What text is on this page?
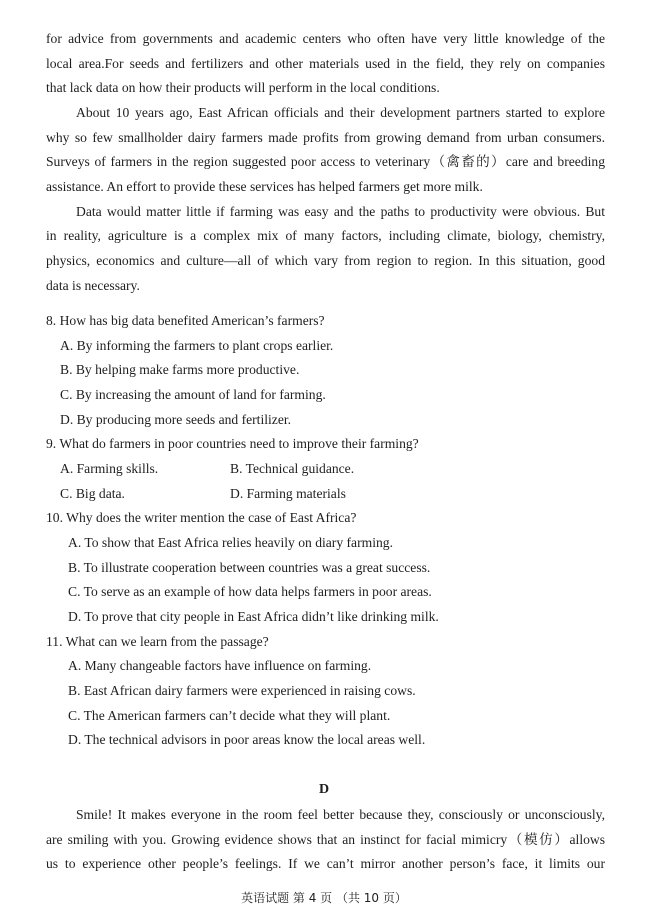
for advice from governments and academic centers who often have very little knowledge of the
local area.For seeds and fertilizers and other materials used in the field, they rely on companies
that lack data on how their products will perform in the local conditions.
About 10 years ago, East African officials and their development partners started to explore
why so few smallholder dairy farmers made profits from growing demand from urban consumers.
Surveys of farmers in the region suggested poor access to veterinary（禽畜的）care and breeding
assistance. An effort to provide these services has helped farmers get more milk.
Data would matter little if farming was easy and the paths to productivity were obvious. But
in reality, agriculture is a complex mix of many factors, including climate, biology, chemistry,
physics, economics and culture—all of which vary from region to region. In this situation, good
data is necessary.
8. How has big data benefited American’s farmers?
A. By informing the farmers to plant crops earlier.
B. By helping make farms more productive.
C. By increasing the amount of land for farming.
D. By producing more seeds and fertilizer.
9. What do farmers in poor countries need to improve their farming?
A. Farming skills.	B. Technical guidance.
C. Big data.	D. Farming materials
10. Why does the writer mention the case of East Africa?
A. To show that East Africa relies heavily on diary farming.
B. To illustrate cooperation between countries was a great success.
C. To serve as an example of how data helps farmers in poor areas.
D. To prove that city people in East Africa didn’t like drinking milk.
11. What can we learn from the passage?
A. Many changeable factors have influence on farming.
B. East African dairy farmers were experienced in raising cows.
C. The American farmers can’t decide what they will plant.
D. The technical advisors in poor areas know the local areas well.
D
Smile! It makes everyone in the room feel better because they, consciously or unconsciously,
are smiling with you. Growing evidence shows that an instinct for facial mimicry（模仿）allows
us to experience other people’s feelings. If we can’t mirror another person’s face, it limits our
英语试题 第 4 页 （共 10 页）
